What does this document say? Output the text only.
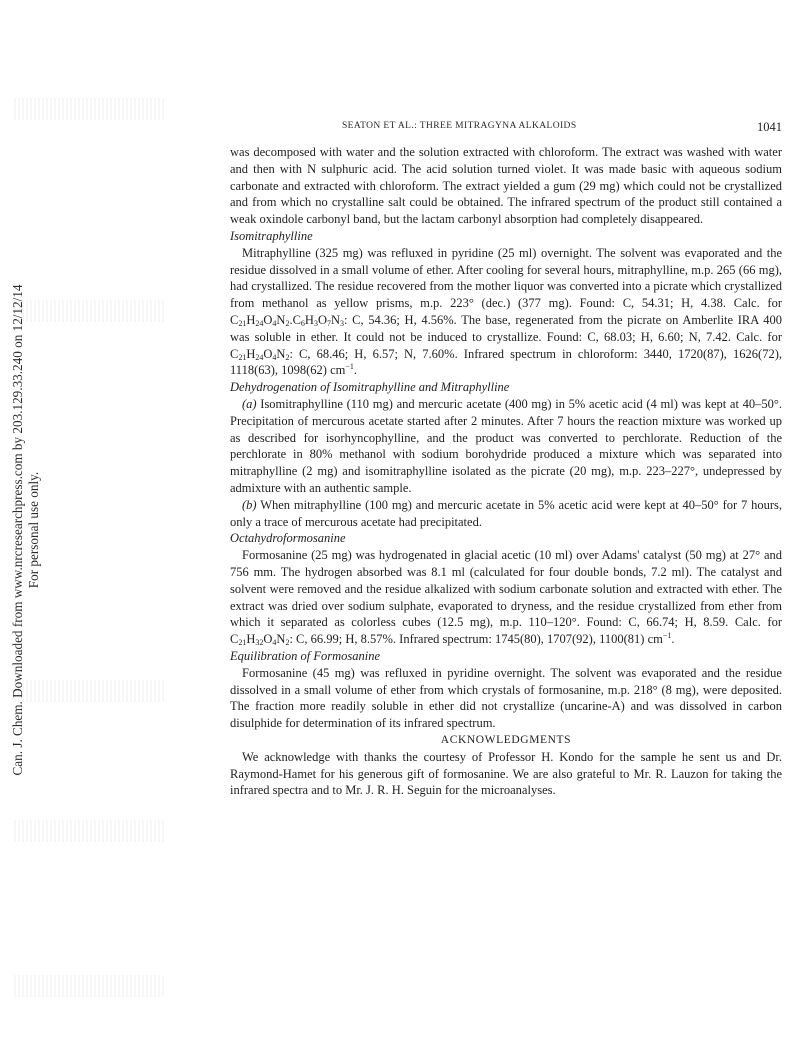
Can. J. Chem. Downloaded from www.nrcresearchpress.com by 203.129.33.240 on 12/12/14 For personal use only.
SEATON ET AL.: THREE MITRAGYNA ALKALOIDS	1041

was decomposed with water and the solution extracted with chloroform. The extract was washed with water and then with N sulphuric acid. The acid solution turned violet. It was made basic with aqueous sodium carbonate and extracted with chloroform. The extract yielded a gum (29 mg) which could not be crystallized and from which no crystalline salt could be obtained. The infrared spectrum of the product still contained a weak oxindole carbonyl band, but the lactam carbonyl absorption had completely disappeared.

Isomitraphylline

Mitraphylline (325 mg) was refluxed in pyridine (25 ml) overnight. The solvent was evaporated and the residue dissolved in a small volume of ether. After cooling for several hours, mitraphylline, m.p. 265 (66 mg), had crystallized. The residue recovered from the mother liquor was converted into a picrate which crystallized from methanol as yellow prisms, m.p. 223° (dec.) (377 mg). Found: C, 54.31; H, 4.38. Calc. for $C_{21}H_{24}O_4N_2.C_6H_3O_7N_3$: C, 54.36; H, 4.56%. The base, regenerated from the picrate on Amberlite IRA 400 was soluble in ether. It could not be induced to crystallize. Found: C, 68.03; H, 6.60; N, 7.42. Calc. for $C_{21}H_{24}O_4N_2$: C, 68.46; H, 6.57; N, 7.60%. Infrared spectrum in chloroform: 3440, 1720(87), 1626(72), 1118(63), 1098(62) $cm^{-1}$.

Dehydrogenation of Isomitraphylline and Mitraphylline

(a) Isomitraphylline (110 mg) and mercuric acetate (400 mg) in 5% acetic acid (4 ml) was kept at 40–50°. Precipitation of mercurous acetate started after 2 minutes. After 7 hours the reaction mixture was worked up as described for isorhyncophylline, and the product was converted to perchlorate. Reduction of the perchlorate in 80% methanol with sodium borohydride produced a mixture which was separated into mitraphylline (2 mg) and isomitraphylline isolated as the picrate (20 mg), m.p. 223–227°, undepressed by admixture with an authentic sample.

(b) When mitraphylline (100 mg) and mercuric acetate in 5% acetic acid were kept at 40–50° for 7 hours, only a trace of mercurous acetate had precipitated.

Octahydroformosanine

Formosanine (25 mg) was hydrogenated in glacial acetic (10 ml) over Adams' catalyst (50 mg) at 27° and 756 mm. The hydrogen absorbed was 8.1 ml (calculated for four double bonds, 7.2 ml). The catalyst and solvent were removed and the residue alkalized with sodium carbonate solution and extracted with ether. The extract was dried over sodium sulphate, evaporated to dryness, and the residue crystallized from ether from which it separated as colorless cubes (12.5 mg), m.p. 110–120°. Found: C, 66.74; H, 8.59. Calc. for $C_{21}H_{32}O_4N_2$: C, 66.99; H, 8.57%. Infrared spectrum: 1745(80), 1707(92), 1100(81) $cm^{-1}$.

Equilibration of Formosanine

Formosanine (45 mg) was refluxed in pyridine overnight. The solvent was evaporated and the residue dissolved in a small volume of ether from which crystals of formosanine, m.p. 218° (8 mg), were deposited. The fraction more readily soluble in ether did not crystallize (uncarine-A) and was dissolved in carbon disulphide for determination of its infrared spectrum.

ACKNOWLEDGMENTS

We acknowledge with thanks the courtesy of Professor H. Kondo for the sample he sent us and Dr. Raymond-Hamet for his generous gift of formosanine. We are also grateful to Mr. R. Lauzon for taking the infrared spectra and to Mr. J. R. H. Seguin for the microanalyses.
